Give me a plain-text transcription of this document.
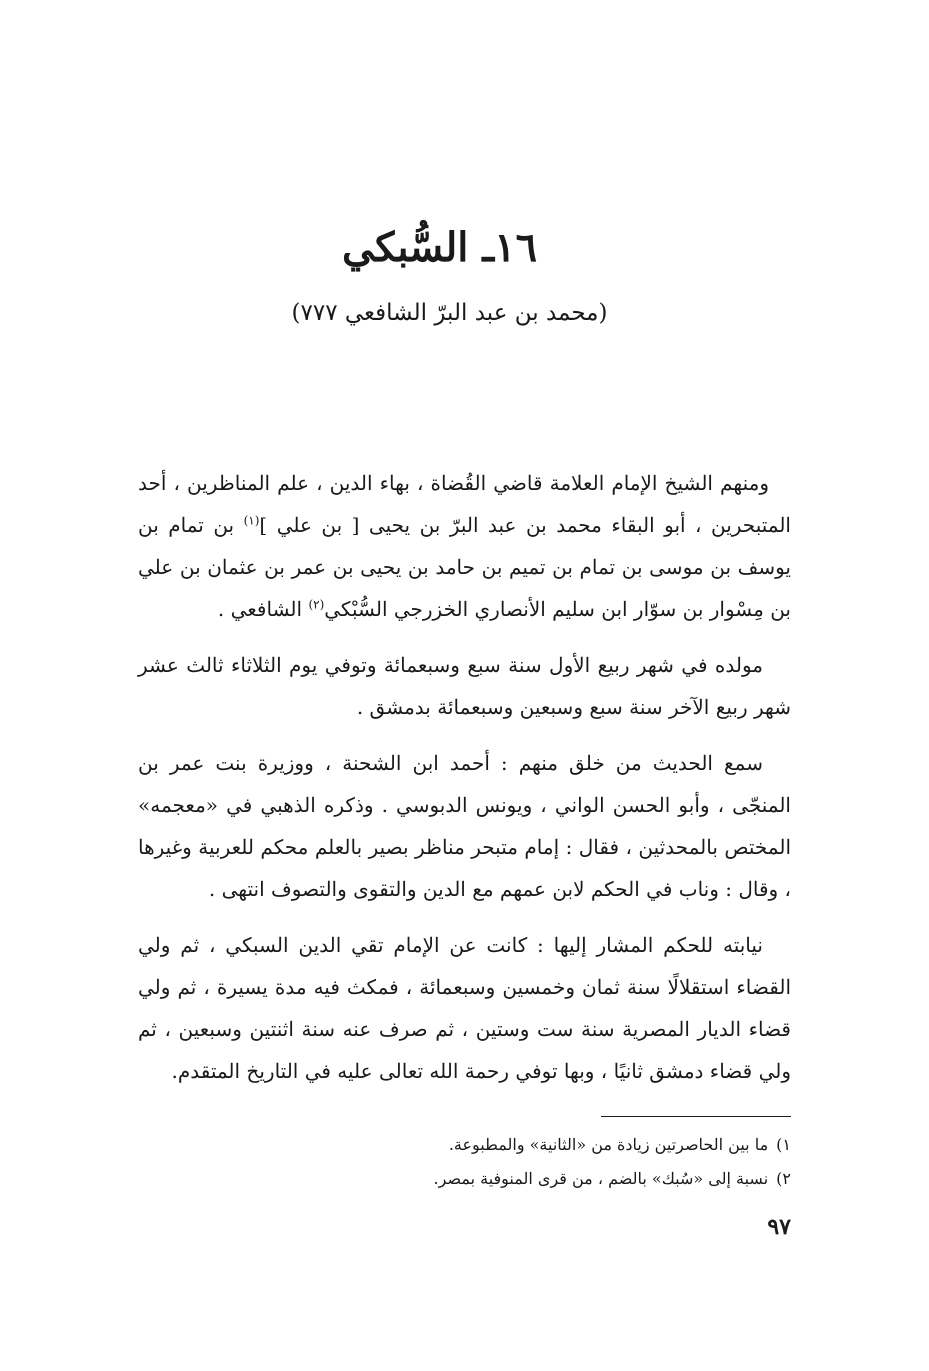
١٦ـ السُّبكي
(محمد بن عبد البرّ الشافعي ٧٧٧)

ومنهم الشيخ الإمام العلامة قاضي القُضاة ، بهاء الدين ، علم المناظرين ، أحد المتبحرين ، أبو البقاء محمد بن عبد البرّ بن يحيى [ بن علي ]$^{(١)}$ بن تمام بن يوسف بن موسى بن تمام بن تميم بن حامد بن يحيى بن عمر بن عثمان بن علي بن مِسْوار بن سوّار ابن سليم الأنصاري الخزرجي السُّبْكي$^{(٢)}$ الشافعي .

مولده في شهر ربيع الأول سنة سبع وسبعمائة وتوفي يوم الثلاثاء ثالث عشر شهر ربيع الآخر سنة سبع وسبعين وسبعمائة بدمشق .

سمع الحديث من خلق منهم : أحمد ابن الشحنة ، ووزيرة بنت عمر بن المنجّى ، وأبو الحسن الواني ، ويونس الدبوسي . وذكره الذهبي في «معجمه» المختص بالمحدثين ، فقال : إمام متبحر مناظر بصير بالعلم محكم للعربية وغيرها ، وقال : وناب في الحكم لابن عمهم مع الدين والتقوى والتصوف انتهى .

نيابته للحكم المشار إليها : كانت عن الإمام تقي الدين السبكي ، ثم ولي القضاء استقلالًا سنة ثمان وخمسين وسبعمائة ، فمكث فيه مدة يسيرة ، ثم ولي قضاء الديار المصرية سنة ست وستين ، ثم صرف عنه سنة اثنتين وسبعين ، ثم ولي قضاء دمشق ثانيًا ، وبها توفي رحمة الله تعالى عليه في التاريخ المتقدم.

١)ما بين الحاصرتين زيادة من «الثانية» والمطبوعة.

٢)نسبة إلى «سُبك» بالضم ، من قرى المنوفية بمصر.

٩٧
